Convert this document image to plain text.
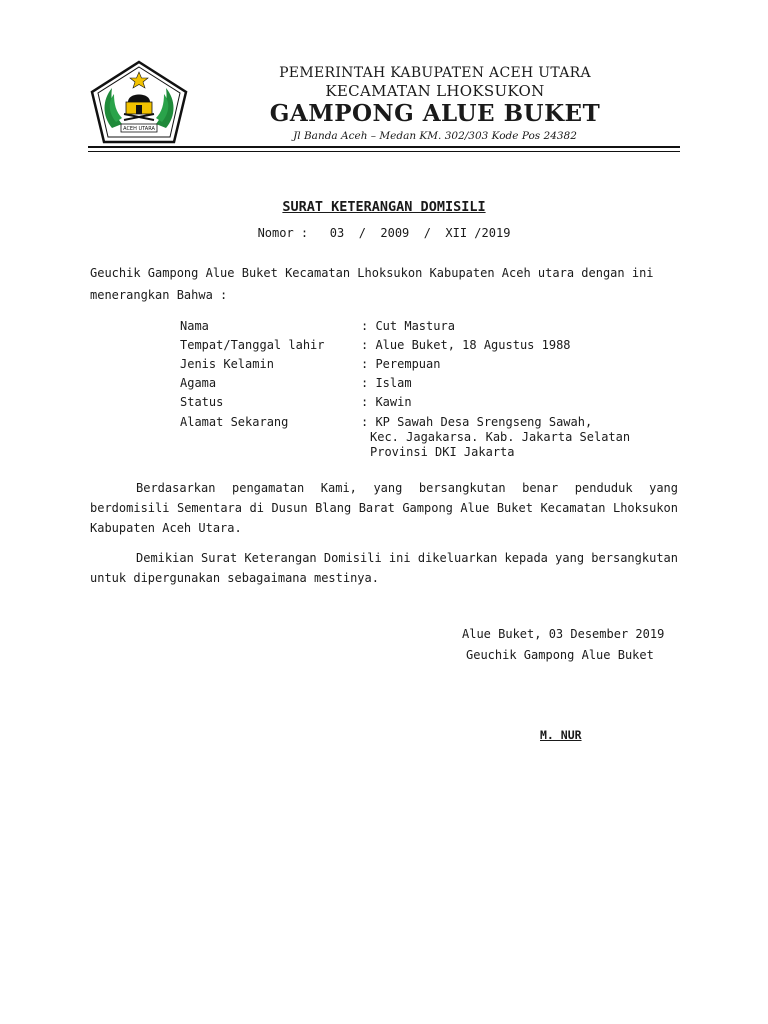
ACEH UTARA
PEMERINTAH KABUPATEN ACEH UTARA
KECAMATAN LHOKSUKON
GAMPONG ALUE BUKET
Jl Banda Aceh – Medan KM. 302/303 Kode Pos 24382
SURAT KETERANGAN DOMISILI
Nomor :   03  /  2009  /  XII /2019
Geuchik Gampong Alue Buket Kecamatan Lhoksukon Kabupaten Aceh utara dengan ini menerangkan Bahwa :
Nama	: Cut Mastura
Tempat/Tanggal lahir	: Alue Buket, 18 Agustus 1988
Jenis Kelamin	: Perempuan
Agama	: Islam
Status	: Kawin
Alamat Sekarang	: KP Sawah Desa Srengseng Sawah,
Kec. Jagakarsa. Kab. Jakarta Selatan
Provinsi DKI Jakarta
Berdasarkan pengamatan Kami, yang bersangkutan benar penduduk yang berdomisili Sementara di Dusun Blang Barat Gampong Alue Buket Kecamatan Lhoksukon Kabupaten Aceh Utara.
Demikian Surat Keterangan Domisili ini dikeluarkan kepada yang bersangkutan untuk dipergunakan sebagaimana mestinya.
Alue Buket, 03 Desember 2019
Geuchik Gampong Alue Buket
M. NUR
